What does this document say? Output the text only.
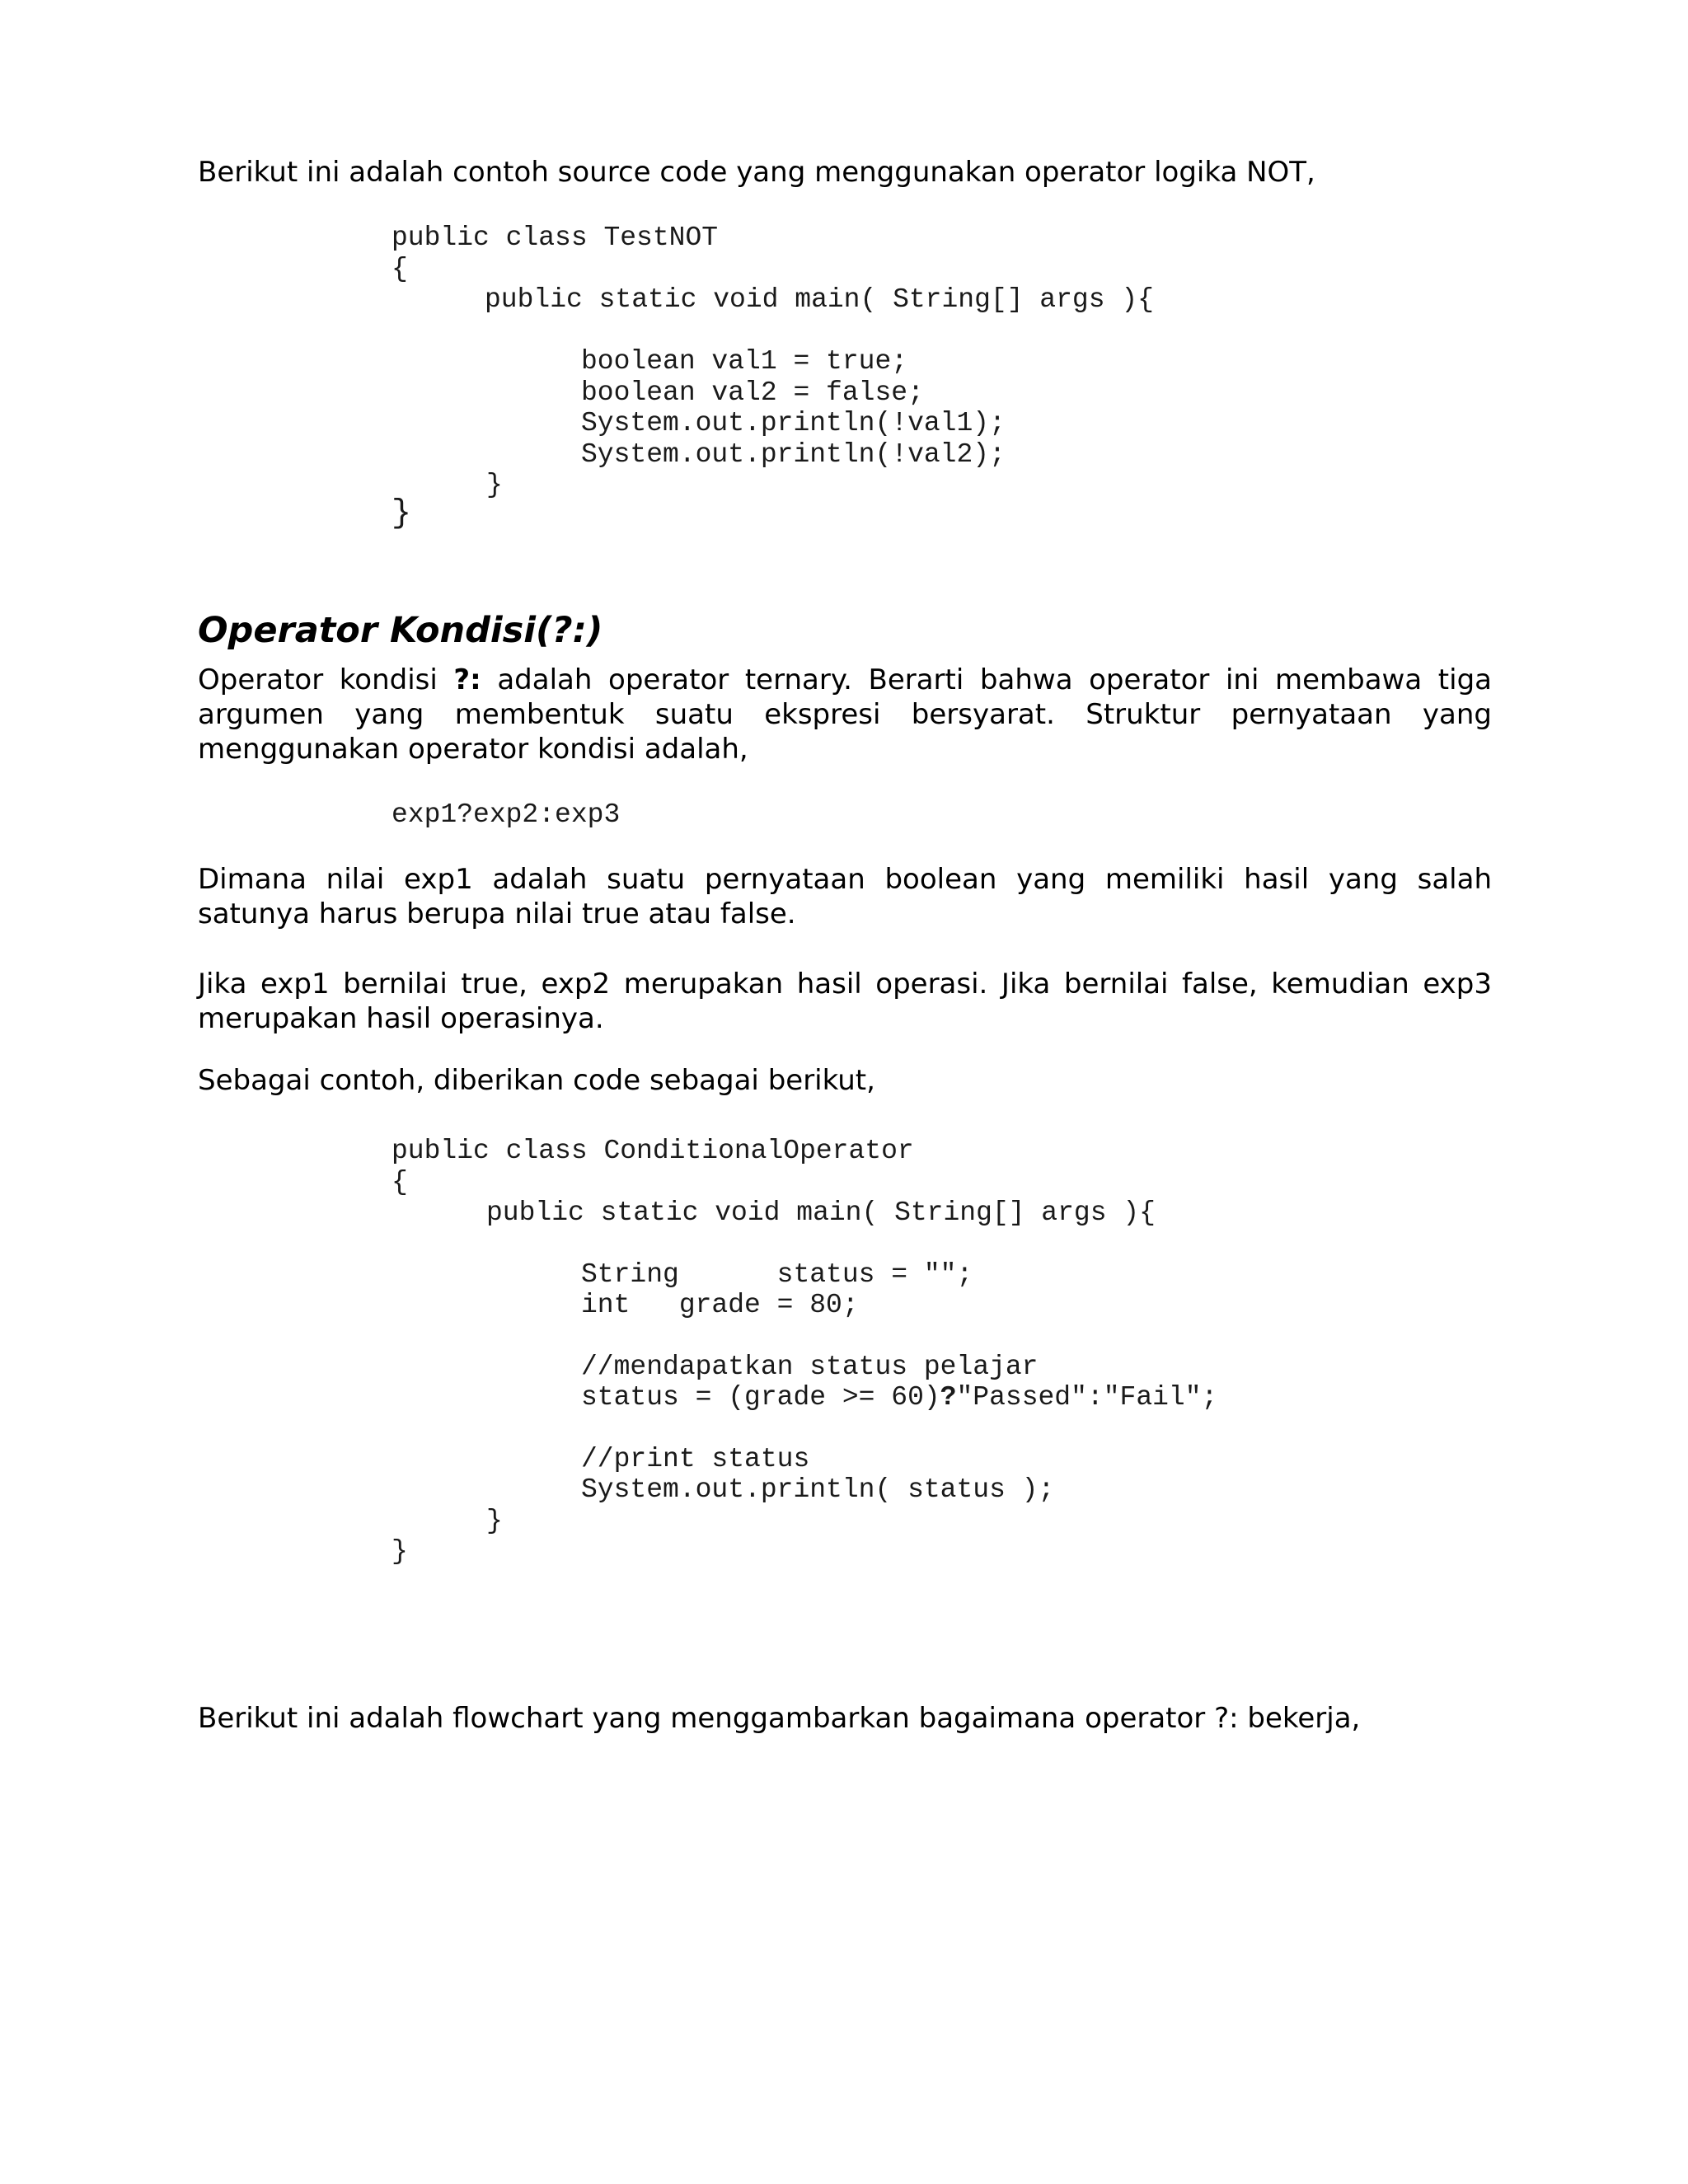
Berikut ini adalah contoh source code yang menggunakan operator logika NOT,

public class TestNOT
{
public static void main( String[] args ){
boolean val1 = true;
boolean val2 = false;
System.out.println(!val1);
System.out.println(!val2);
}
}
Operator Kondisi(?:)

Operator kondisi ?: adalah operator ternary. Berarti bahwa operator ini membawa tiga argumen yang membentuk suatu ekspresi bersyarat. Struktur pernyataan yang menggunakan operator kondisi adalah,

exp1?exp2:exp3

Dimana nilai exp1 adalah suatu pernyataan boolean yang memiliki hasil yang salah satunya harus berupa nilai true atau false.

Jika exp1 bernilai true, exp2 merupakan hasil operasi. Jika bernilai false, kemudian exp3 merupakan hasil operasinya.

Sebagai contoh, diberikan code sebagai berikut,

public class ConditionalOperator
{
public static void main( String[] args ){
String      status = "";
int   grade = 80;
//mendapatkan status pelajar
status = (grade >= 60)?"Passed":"Fail";
//print status
System.out.println( status );
}
}

Berikut ini adalah flowchart yang menggambarkan bagaimana operator ?: bekerja,
